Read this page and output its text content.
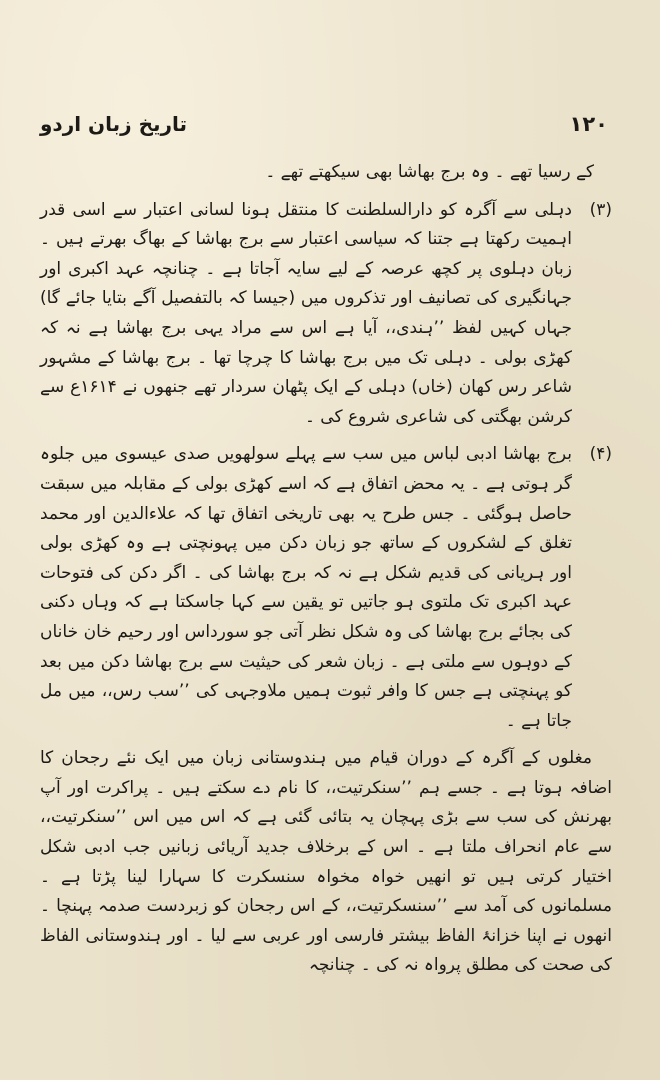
تاریخ زبان اردو	١٢٠

کے رسیا تھے ۔ وہ برج بھاشا بھی سیکھتے تھے ۔

(۳)
دہلی سے آگرہ کو دارالسلطنت کا منتقل ہونا لسانی اعتبار سے اسی قدر اہمیت رکھتا ہے جتنا کہ سیاسی اعتبار سے برج بھاشا کے بھاگ بھرتے ہیں ۔ زبان دہلوی پر کچھ عرصہ کے لیے سایہ آجاتا ہے ۔ چنانچہ عہد اکبری اور جہانگیری کی تصانیف اور تذکروں میں (جیسا کہ بالتفصیل آگے بتایا جائے گا) جہاں کہیں لفظ ’’ہندی،، آیا ہے اس سے مراد یہی برج بھاشا ہے نہ کہ کھڑی بولی ۔ دہلی تک میں برج بھاشا کا چرچا تھا ۔ برج بھاشا کے مشہور شاعر رس کھان (خاں) دہلی کے ایک پٹھان سردار تھے جنھوں نے ۱۶۱۴ع سے کرشن بھگتی کی شاعری شروع کی ۔

(۴)
برج بھاشا ادبی لباس میں سب سے پہلے سولھویں صدی عیسوی میں جلوہ گر ہوتی ہے ۔ یہ محض اتفاق ہے کہ اسے کھڑی بولی کے مقابلہ میں سبقت حاصل ہوگئی ۔ جس طرح یہ بھی تاریخی اتفاق تھا کہ علاءالدین اور محمد تغلق کے لشکروں کے ساتھ جو زبان دکن میں پہونچتی ہے وہ کھڑی بولی اور ہریانی کی قدیم شکل ہے نہ کہ برج بھاشا کی ۔ اگر دکن کی فتوحات عہد اکبری تک ملتوی ہو جاتیں تو یقین سے کہا جاسکتا ہے کہ وہاں دکنی کی بجائے برج بھاشا کی وہ شکل نظر آتی جو سورداس اور رحیم خان خاناں کے دوہوں سے ملتی ہے ۔ زبان شعر کی حیثیت سے برج بھاشا دکن میں بعد کو پہنچتی ہے جس کا وافر ثبوت ہمیں ملاوجہی کی ’’سب رس،، میں مل جاتا ہے ۔

مغلوں کے آگرہ کے دوران قیام میں ہندوستانی زبان میں ایک نئے رجحان کا اضافہ ہوتا ہے ۔ جسے ہم ’’سنکرتیت،، کا نام دے سکتے ہیں ۔ پراکرت اور آپ بھرنش کی سب سے بڑی پہچان یہ بتائی گئی ہے کہ اس میں اس ’’سنکرتیت،، سے عام انحراف ملتا ہے ۔ اس کے برخلاف جدید آریائی زبانیں جب ادبی شکل اختیار کرتی ہیں تو انھیں خواہ مخواہ سنسکرت کا سہارا لینا پڑتا ہے ۔ مسلمانوں کی آمد سے ’’سنسکرتیت،، کے اس رجحان کو زبردست صدمہ پہنچا ۔ انھوں نے اپنا خزانۂ الفاظ بیشتر فارسی اور عربی سے لیا ۔ اور ہندوستانی الفاظ کی صحت کی مطلق پرواہ نہ کی ۔ چنانچہ
